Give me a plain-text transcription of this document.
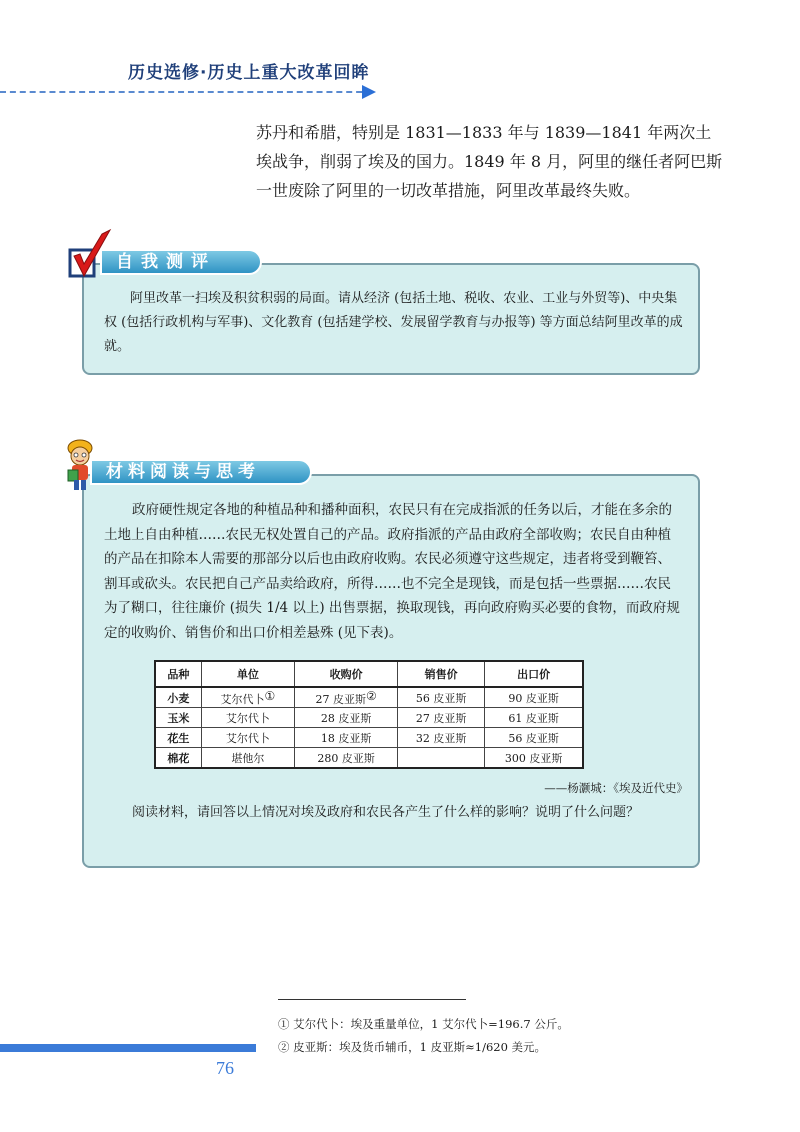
历史选修·历史上重大改革回眸

苏丹和希腊，特别是 1831—1833 年与 1839—1841 年两次土埃战争，削弱了埃及的国力。1849 年 8 月，阿里的继任者阿巴斯一世废除了阿里的一切改革措施，阿里改革最终失败。

自我测评

阿里改革一扫埃及积贫积弱的局面。请从经济 (包括土地、税收、农业、工业与外贸等)、中央集权 (包括行政机构与军事)、文化教育 (包括建学校、发展留学教育与办报等) 等方面总结阿里改革的成就。

材料阅读与思考

政府硬性规定各地的种植品种和播种面积，农民只有在完成指派的任务以后，才能在多余的土地上自由种植……农民无权处置自己的产品。政府指派的产品由政府全部收购；农民自由种植的产品在扣除本人需要的那部分以后也由政府收购。农民必须遵守这些规定，违者将受到鞭笞、割耳或砍头。农民把自己产品卖给政府，所得……也不完全是现钱，而是包括一些票据……农民为了糊口，往往廉价 (损失 1/4 以上) 出售票据，换取现钱，再向政府购买必要的食物，而政府规定的收购价、销售价和出口价相差悬殊 (见下表)。

品种	单位	收购价	销售价	出口价
小麦	艾尔代卜①	27 皮亚斯②	56 皮亚斯	90 皮亚斯
玉米	艾尔代卜	28 皮亚斯	27 皮亚斯	61 皮亚斯
花生	艾尔代卜	18 皮亚斯	32 皮亚斯	56 皮亚斯
棉花	堪他尔	280 皮亚斯		300 皮亚斯
——杨灏城：《埃及近代史》

阅读材料，请回答以上情况对埃及政府和农民各产生了什么样的影响？说明了什么问题？

① 艾尔代卜：埃及重量单位，1 艾尔代卜=196.7 公斤。
② 皮亚斯：埃及货币辅币，1 皮亚斯≈1/620 美元。
76
